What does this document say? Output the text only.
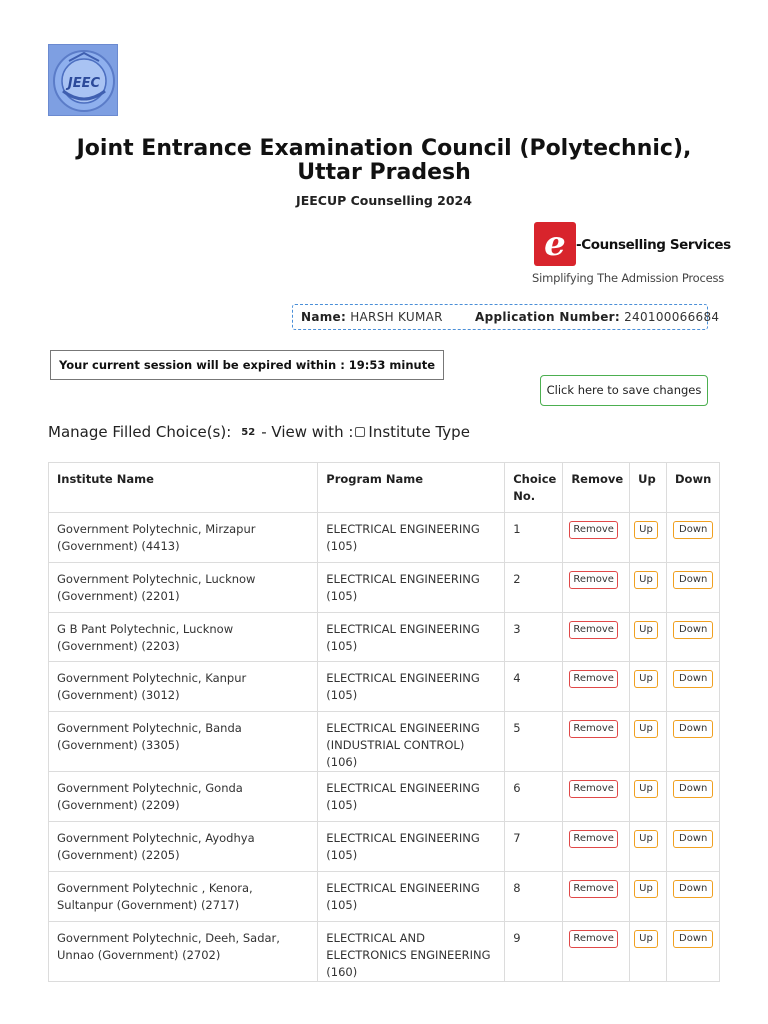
JEEC
Joint Entrance Examination Council (Polytechnic), Uttar Pradesh
JEECUP Counselling 2024
e -Counselling Services
Simplifying The Admission Process
Name: HARSH KUMAR	Application Number: 240100066684
Your current session will be expired within : 19:53 minute
Click here to save changes
Manage Filled Choice(s): 52 - View with : Institute Type
Institute Name	Program Name	Choice No.	Remove	Up	Down
Government Polytechnic, Mirzapur (Government) (4413)	ELECTRICAL ENGINEERING (105)	1	Remove	Up	Down
Government Polytechnic, Lucknow (Government) (2201)	ELECTRICAL ENGINEERING (105)	2	Remove	Up	Down
G B Pant Polytechnic, Lucknow (Government) (2203)	ELECTRICAL ENGINEERING (105)	3	Remove	Up	Down
Government Polytechnic, Kanpur (Government) (3012)	ELECTRICAL ENGINEERING (105)	4	Remove	Up	Down
Government Polytechnic, Banda (Government) (3305)	ELECTRICAL ENGINEERING (INDUSTRIAL CONTROL) (106)	5	Remove	Up	Down
Government Polytechnic, Gonda (Government) (2209)	ELECTRICAL ENGINEERING (105)	6	Remove	Up	Down
Government Polytechnic, Ayodhya (Government) (2205)	ELECTRICAL ENGINEERING (105)	7	Remove	Up	Down
Government Polytechnic , Kenora, Sultanpur (Government) (2717)	ELECTRICAL ENGINEERING (105)	8	Remove	Up	Down
Government Polytechnic, Deeh, Sadar, Unnao (Government) (2702)	ELECTRICAL AND ELECTRONICS ENGINEERING (160)	9	Remove	Up	Down
